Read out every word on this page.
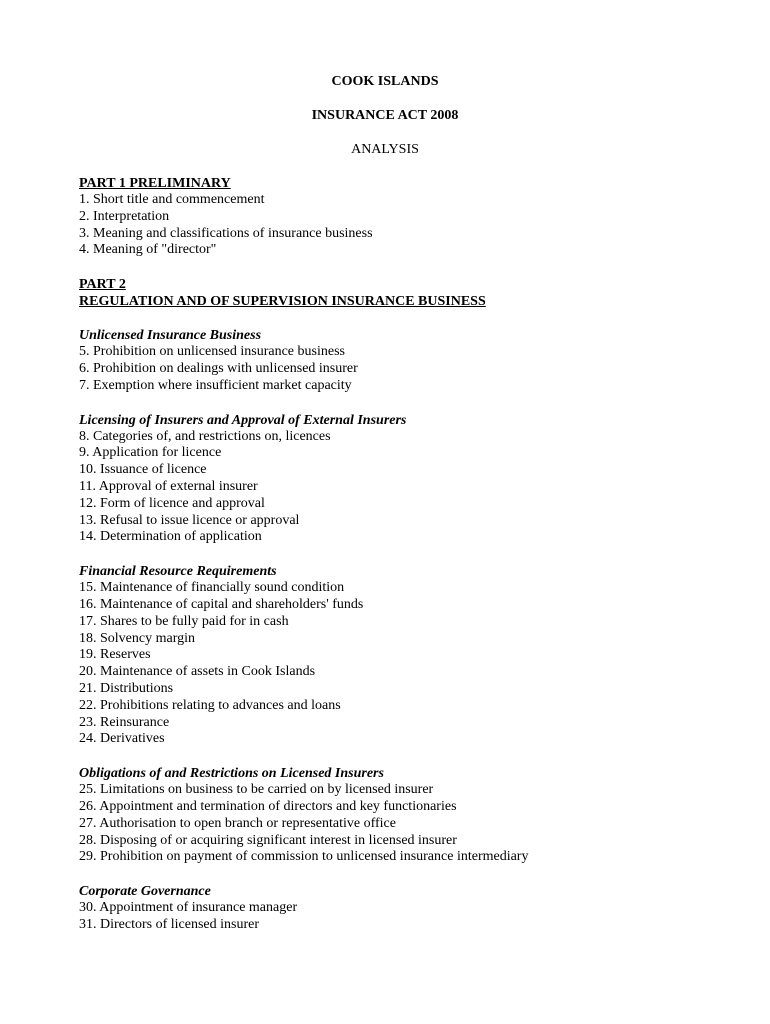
COOK ISLANDS

INSURANCE ACT 2008

ANALYSIS

PART 1 PRELIMINARY

1. Short title and commencement
2. Interpretation
3. Meaning and classifications of insurance business
4. Meaning of "director"

PART 2

REGULATION AND OF SUPERVISION INSURANCE BUSINESS

Unlicensed Insurance Business

5. Prohibition on unlicensed insurance business
6. Prohibition on dealings with unlicensed insurer
7. Exemption where insufficient market capacity

Licensing of Insurers and Approval of External Insurers

8. Categories of, and restrictions on, licences
9. Application for licence
10. Issuance of licence
11. Approval of external insurer
12. Form of licence and approval
13. Refusal to issue licence or approval
14. Determination of application

Financial Resource Requirements

15. Maintenance of financially sound condition
16. Maintenance of capital and shareholders' funds
17. Shares to be fully paid for in cash
18. Solvency margin
19. Reserves
20. Maintenance of assets in Cook Islands
21. Distributions
22. Prohibitions relating to advances and loans
23. Reinsurance
24. Derivatives

Obligations of and Restrictions on Licensed Insurers

25. Limitations on business to be carried on by licensed insurer
26. Appointment and termination of directors and key functionaries
27. Authorisation to open branch or representative office
28. Disposing of or acquiring significant interest in licensed insurer
29. Prohibition on payment of commission to unlicensed insurance intermediary

Corporate Governance

30. Appointment of insurance manager
31. Directors of licensed insurer
